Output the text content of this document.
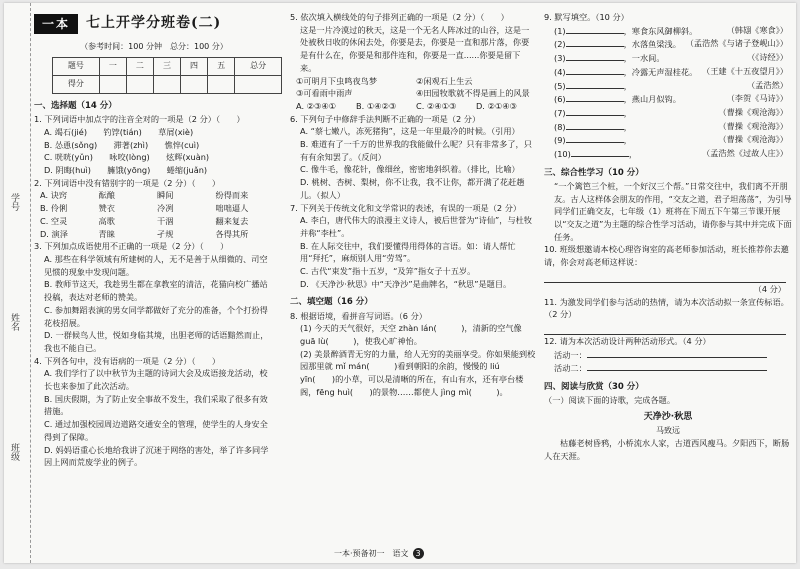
学号
姓名
班级
一本	七上开学分班卷(二)
（参考时间：100 分钟　总分：100 分）
题号	一	二	三	四	五	总分
得分						
一、选择题（14 分）

1. 下列词语中加点字的注音全对的一项是（2 分）（　　）

A. 竭石(jié)　　钓饽(tián)　　草屑(xiè)

B. 怂恿(sǒng)　　滞著(zhì)　　憔悴(cuì)

C. 咣咣(yǔn)　　咏咬(lòng)　　炫辉(xuàn)

D. 阴晦(huì)　　臃饿(yōng)　　蜷缩(juǎn)

2. 下列词语中没有错别字的一项是（2 分）（　　）

A. 诀窍	酝酿	瞬间	纷得而来
B. 伶俐	赞衣	冷冽	咄咄逼人
C. 空灵	高歌	干涸	翻来复去
D. 演泽	青睐	孑规	各得其所

3. 下列加点成语使用不正确的一项是（2 分）（　　）

A. 那些在科学领域有所建树的人，无不是善于从细微的、司空见惯的现象中发现问题。

B. 教师节这天，我趁男生都在拿教室的清洁，花猫向校广播站投稿，表达对老师的赞美。

C. 参加舞蹈表演的男女同学都做好了充分的准备，个个打扮得花枝招展。

D. 一群候鸟人世，悦如身临其境，出胆老师的话语黯然而止，我也不能自已。

4. 下列各句中，没有语病的一项是（2 分）（　　）

A. 我们学行了以中秋节为主题的诗词大会及成语接龙活动，校长也来参加了此次活动。

B. 国庆假期，为了防止安全事故不发生，我们采取了很多有效措施。

C. 通过加强校园周边道路交通安全的管理，使学生的人身安全得到了保障。

D. 妈妈语重心长地给我讲了沉迷于网络的害处，举了许多同学因上网而荒废学业的例子。

5. 依次填入横线处的句子排列正确的一项是（2 分）（　　）

这是一片冷漠过的秋天，这是一个无名人阵冰过的山谷，这是一处被秋日收的休闲去处，你要是去，你要是一直和那片落，你要是有什么在，你要是和那件连和，你要是一直......你要是留下来。

①可明月下虫鸣夜鸟梦	②闲观石上生云
③可看雨中雨声	④田园牧歌就不得是画上的风景
A. ②③④①	B. ①④②③	C. ②④①③	D. ②①④③

6. 下列句子中修辞手法判断不正确的一项是（2 分）

A. “蔡七嫩八，冻死猪狗”，这是一年里最冷的时候。（引用）

B. 难道有了一千万的世界我的我能做什么呢？只有非常多了，只有有余知罢了。（反问）

C. 像牛毛，像花针，像细丝，密密地斜织着。（排比，比喻）

D. 桃树、杏树、梨树，你不让我，我不让你，都开满了花赶趟儿。（拟人）

7. 下列关于传统文化和文学常识的表述，有误的一项是（2 分）

A. 李白，唐代伟大的浪漫主义诗人，被后世誉为“诗仙”，与杜牧并称“李杜”。

B. 在人际交往中，我们要懂得用得体的言语。如：请人帮忙用“拜托”，麻烦别人用“劳驾”。

C. 古代“束发”指十五岁，“及笄”指女子十五岁。

D. 《天净沙·秋思》中“天净沙”是曲牌名，“秋思”是题目。

二、填空题（16 分）

8. 根据语境，看拼音写词语。（6 分）

(1) 今天的天气很好，天空 zhàn lán(　　　)，清新的空气像 guā lù(　　　)，使我心旷神怡。

(2) 美景醉酒青无穷的力量，给人无穷的美丽享受。你如果能到校园那里就 mǐ mán(　　　)看到朝阳的余韵，慢慢的 liú yīn(　　)的小草，可以是清晰的所在，有山有水，还有亭台楼阁，fēng huì(　　)的景物……都使人 jìng mì(　　　)。

9. 默写填空。（10 分）

(1)	，寒食东风御柳斜。	（韩翃《寒食》）

(2)	，水落鱼梁浅。 （孟浩然《与诸子登岘山》）

(3)	，一水间。	（《诗经》）

(4)	，冷露无声湿桂花。 （王建《十五夜望月》）

(5)	，	（孟浩然）

(6)	，燕山月似钩。	（李贺《马诗》）

(7)	，	（曹操《观沧海》）

(8)	，	（曹操《观沧海》）

(9)	，	（曹操《观沧海》）

(10)	，	（孟浩然《过故人庄》）

三、综合性学习（10 分）

“一个篱笆三个桩，一个好汉三个帮。”日常交往中，我们离不开朋友。古人这样体会朋友的作用，“交友之道，君子坦荡荡”，为引导同学们正确交友，七年级（1）班将在下周五下午第三节课开展以“交友之道”为主题的综合性学习活动，请你参与其中并完成下面任务。

10. 班级想邀请本校心理咨询室的高老师参加活动，班长推荐你去邀请，你会对高老师这样说：

（4 分）

11. 为激发同学们参与活动的热情，请为本次活动拟一条宣传标语。（2 分）

12. 请为本次活动设计两种活动形式。（4 分）

活动一：

活动二：

四、阅读与欣赏（30 分）

（一）阅读下面的诗歌，完成各题。

天净沙·秋思
马致远

枯藤老树昏鸦，小桥流水人家，古道西风瘦马。夕阳西下，断肠人在天涯。

一本·预备初一　语文 3
